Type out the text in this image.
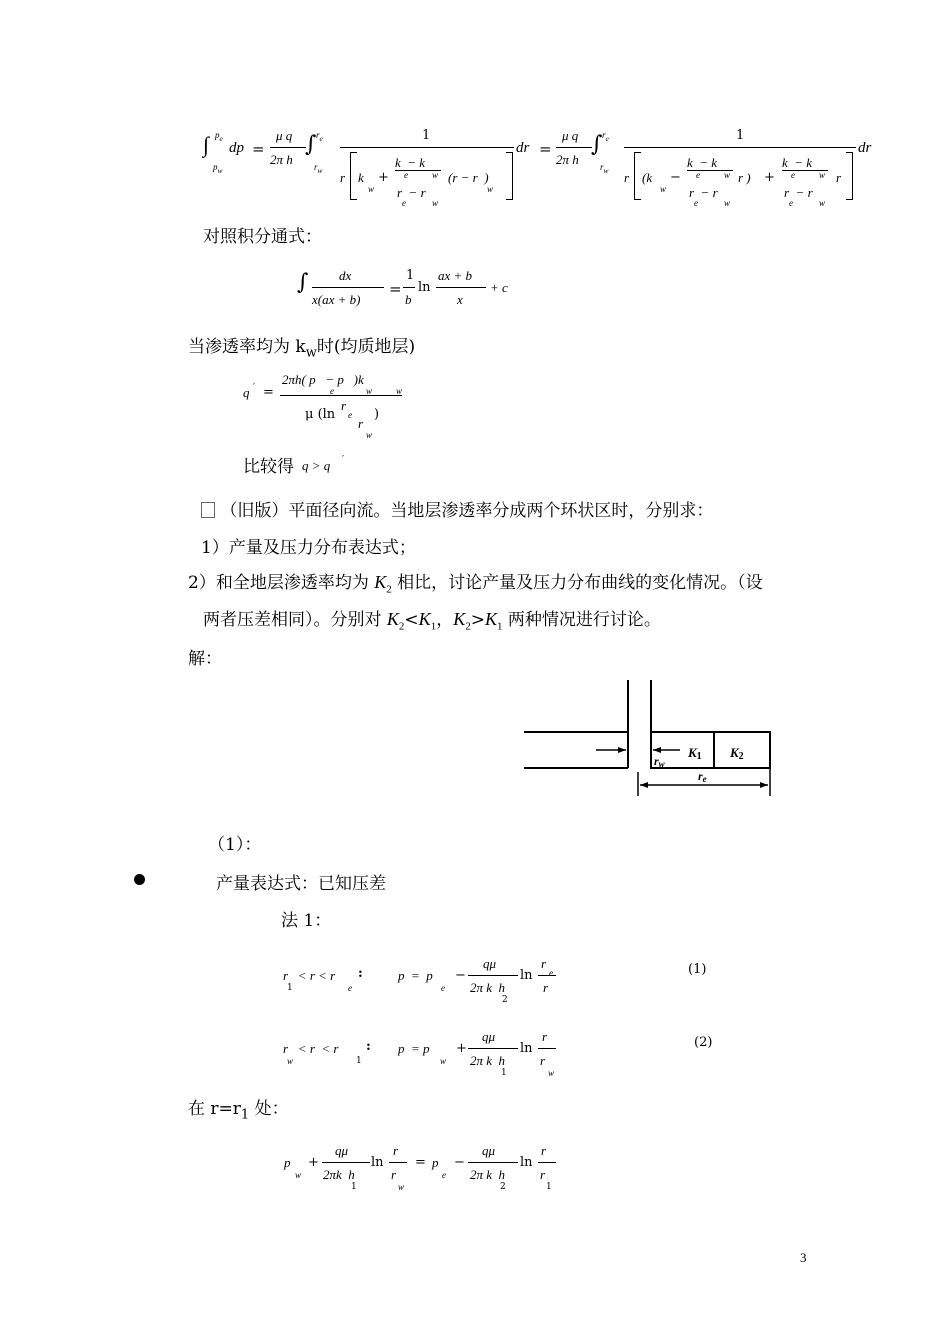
∫ $p_e$
$p_w$
dp =
μ q
2π h
∫ $r_e$
$r_w$
1
r k
w
+
k  − k
e	w
r  − r
e	w
(r − r  )
w
dr =
μ q
2π h
∫ $r_e$
$r_w$
1
r (k
w
−
k  − k
e	w
r  − r
e	w
r ) +
k  − k
e	w
r  − r
e	w
r
dr
对照积分通式：
∫ dx
x(ax + b)
=
1
b
ln
ax + b
x
+ c
当渗透率均为 $k_w$时(均质地层)
q ′ =
2πh( p   − p   )k
e	w	w
μ (ln
r
e
r
w
)
比较得 q > q ′
（旧版）平面径向流。当地层渗透率分成两个环状区时，分别求：
1）产量及压力分布表达式；
2）和全地层渗透率均为 $K_2$ 相比，讨论产量及压力分布曲线的变化情况。（设
两者压差相同）。分别对 $K_2<K_1$，$K_2>K_1$ 两种情况进行讨论。
解：
K1 K2
rw
re
（1）：
产量表达式：已知压差
法 1：
r   < r < r
1	e
:	p  =  p
e
−
qμ
2π k  h
2
ln
r
e
r
(1)
r   < r  < r
w	1
: p  = p
w
+
qμ
2π k  h
1
ln
r
r
w
(2)
在 $r=r_1$ 处：
p
w
+
qμ
2πk  h
1
ln
r
r
w
= p
e
−
qμ
2π k  h
2
ln
r
r
1
3
